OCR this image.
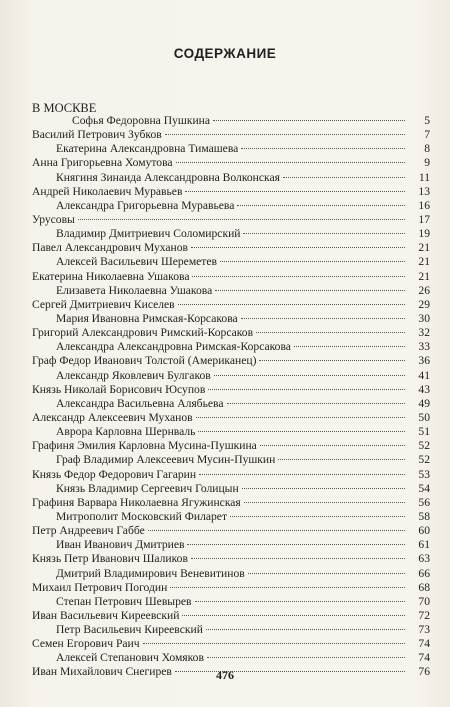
СОДЕРЖАНИЕ
В МОСКВЕ
Софья Федоровна Пушкина	5
Василий Петрович Зубков	7
Екатерина Александровна Тимашева	8
Анна Григорьевна Хомутова	9
Княгиня Зинаида Александровна Волконская	11
Андрей Николаевич Муравьев	13
Александра Григорьевна Муравьева	16
Урусовы	17
Владимир Дмитриевич Соломирский	19
Павел Александрович Муханов	21
Алексей Васильевич Шереметев	21
Екатерина Николаевна Ушакова	21
Елизавета Николаевна Ушакова	26
Сергей Дмитриевич Киселев	29
Мария Ивановна Римская-Корсакова	30
Григорий Александрович Римский-Корсаков	32
Александра Александровна Римская-Корсакова	33
Граф Федор Иванович Толстой (Американец)	36
Александр Яковлевич Булгаков	41
Князь Николай Борисович Юсупов	43
Александра Васильевна Алябьева	49
Александр Алексеевич Муханов	50
Аврора Карловна Шернваль	51
Графиня Эмилия Карловна Мусина-Пушкина	52
Граф Владимир Алексеевич Мусин-Пушкин	52
Князь Федор Федорович Гагарин	53
Князь Владимир Сергеевич Голицын	54
Графиня Варвара Николаевна Ягужинская	56
Митрополит Московский Филарет	58
Петр Андреевич Габбе	60
Иван Иванович Дмитриев	61
Князь Петр Иванович Шаликов	63
Дмитрий Владимирович Веневитинов	66
Михаил Петрович Погодин	68
Степан Петрович Шевырев	70
Иван Васильевич Киреевский	72
Петр Васильевич Киреевский	73
Семен Егорович Раич	74
Алексей Степанович Хомяков	74
Иван Михайлович Снегирев	76
476
